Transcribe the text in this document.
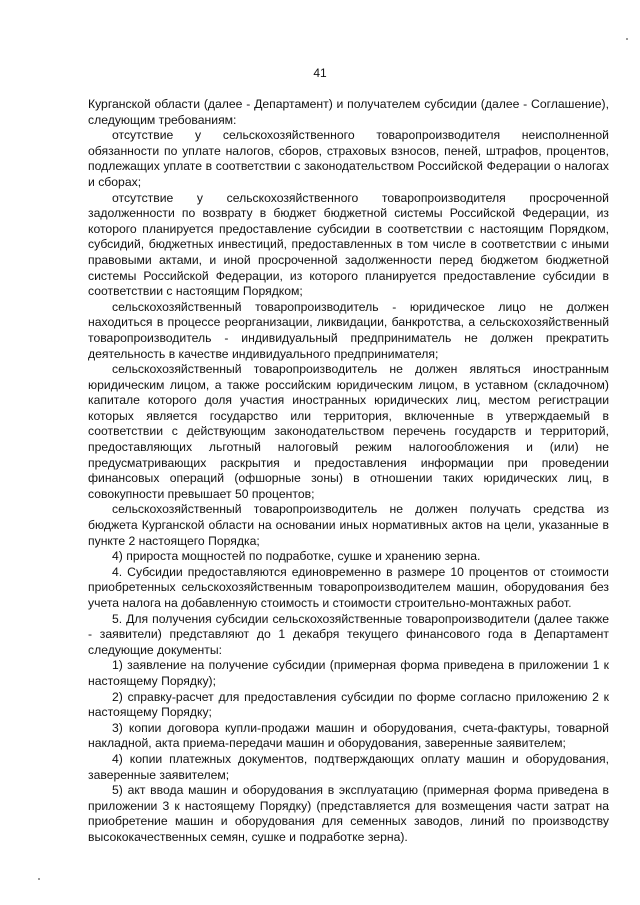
41

Курганской области (далее - Департамент) и получателем субсидии (далее - Соглашение), следующим требованиям:

отсутствие у сельскохозяйственного товаропроизводителя неисполненной обязанности по уплате налогов, сборов, страховых взносов, пеней, штрафов, процентов, подлежащих уплате в соответствии с законодательством Российской Федерации о налогах и сборах;

отсутствие у сельскохозяйственного товаропроизводителя просроченной задолженности по возврату в бюджет бюджетной системы Российской Федерации, из которого планируется предоставление субсидии в соответствии с настоящим Порядком, субсидий, бюджетных инвестиций, предоставленных в том числе в соответствии с иными правовыми актами, и иной просроченной задолженности перед бюджетом бюджетной системы Российской Федерации, из которого планируется предоставление субсидии в соответствии с настоящим Порядком;

сельскохозяйственный товаропроизводитель - юридическое лицо не должен находиться в процессе реорганизации, ликвидации, банкротства, а сельскохозяйственный товаропроизводитель - индивидуальный предприниматель не должен прекратить деятельность в качестве индивидуального предпринимателя;

сельскохозяйственный товаропроизводитель не должен являться иностранным юридическим лицом, а также российским юридическим лицом, в уставном (складочном) капитале которого доля участия иностранных юридических лиц, местом регистрации которых является государство или территория, включенные в утверждаемый в соответствии с действующим законодательством перечень государств и территорий, предоставляющих льготный налоговый режим налогообложения и (или) не предусматривающих раскрытия и предоставления информации при проведении финансовых операций (офшорные зоны) в отношении таких юридических лиц, в совокупности превышает 50 процентов;

сельскохозяйственный товаропроизводитель не должен получать средства из бюджета Курганской области на основании иных нормативных актов на цели, указанные в пункте 2 настоящего Порядка;

4) прироста мощностей по подработке, сушке и хранению зерна.

4. Субсидии предоставляются единовременно в размере 10 процентов от стоимости приобретенных сельскохозяйственным товаропроизводителем машин, оборудования без учета налога на добавленную стоимость и стоимости строительно-монтажных работ.

5. Для получения субсидии сельскохозяйственные товаропроизводители (далее также - заявители) представляют до 1 декабря текущего финансового года в Департамент следующие документы:

1) заявление на получение субсидии (примерная форма приведена в приложении 1 к настоящему Порядку);

2) справку-расчет для предоставления субсидии по форме согласно приложению 2 к настоящему Порядку;

3) копии договора купли-продажи машин и оборудования, счета-фактуры, товарной накладной, акта приема-передачи машин и оборудования, заверенные заявителем;

4) копии платежных документов, подтверждающих оплату машин и оборудования, заверенные заявителем;

5) акт ввода машин и оборудования в эксплуатацию (примерная форма приведена в приложении 3 к настоящему Порядку) (представляется для возмещения части затрат на приобретение машин и оборудования для семенных заводов, линий по производству высококачественных семян, сушке и подработке зерна).
